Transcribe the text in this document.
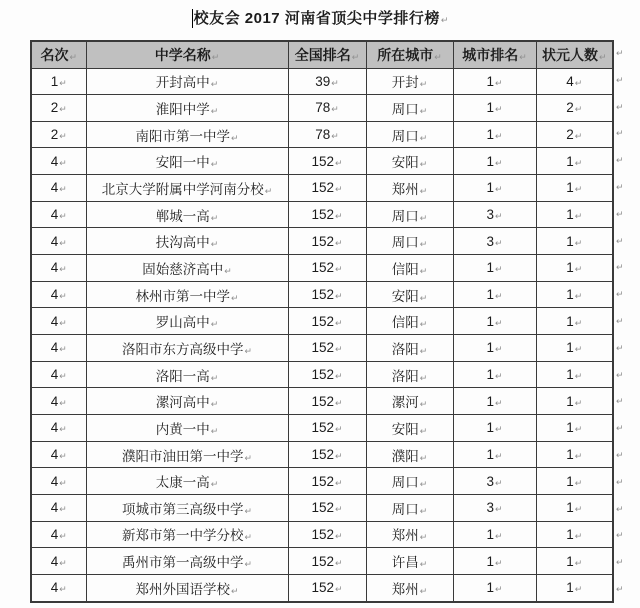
校友会 2017 河南省顶尖中学排行榜↵
名次↵	中学名称↵	全国排名↵	所在城市↵	城市排名↵	状元人数↵
1↵	开封高中↵	39↵	开封↵	1↵	4↵
2↵	淮阳中学↵	78↵	周口↵	1↵	2↵
2↵	南阳市第一中学↵	78↵	周口↵	1↵	2↵
4↵	安阳一中↵	152↵	安阳↵	1↵	1↵
4↵	北京大学附属中学河南分校↵	152↵	郑州↵	1↵	1↵
4↵	郸城一高↵	152↵	周口↵	3↵	1↵
4↵	扶沟高中↵	152↵	周口↵	3↵	1↵
4↵	固始慈济高中↵	152↵	信阳↵	1↵	1↵
4↵	林州市第一中学↵	152↵	安阳↵	1↵	1↵
4↵	罗山高中↵	152↵	信阳↵	1↵	1↵
4↵	洛阳市东方高级中学↵	152↵	洛阳↵	1↵	1↵
4↵	洛阳一高↵	152↵	洛阳↵	1↵	1↵
4↵	漯河高中↵	152↵	漯河↵	1↵	1↵
4↵	内黄一中↵	152↵	安阳↵	1↵	1↵
4↵	濮阳市油田第一中学↵	152↵	濮阳↵	1↵	1↵
4↵	太康一高↵	152↵	周口↵	3↵	1↵
4↵	项城市第三高级中学↵	152↵	周口↵	3↵	1↵
4↵	新郑市第一中学分校↵	152↵	郑州↵	1↵	1↵
4↵	禹州市第一高级中学↵	152↵	许昌↵	1↵	1↵
4↵	郑州外国语学校↵	152↵	郑州↵	1↵	1↵
↵
↵
↵
↵
↵
↵
↵
↵
↵
↵
↵
↵
↵
↵
↵
↵
↵
↵
↵
↵
↵
